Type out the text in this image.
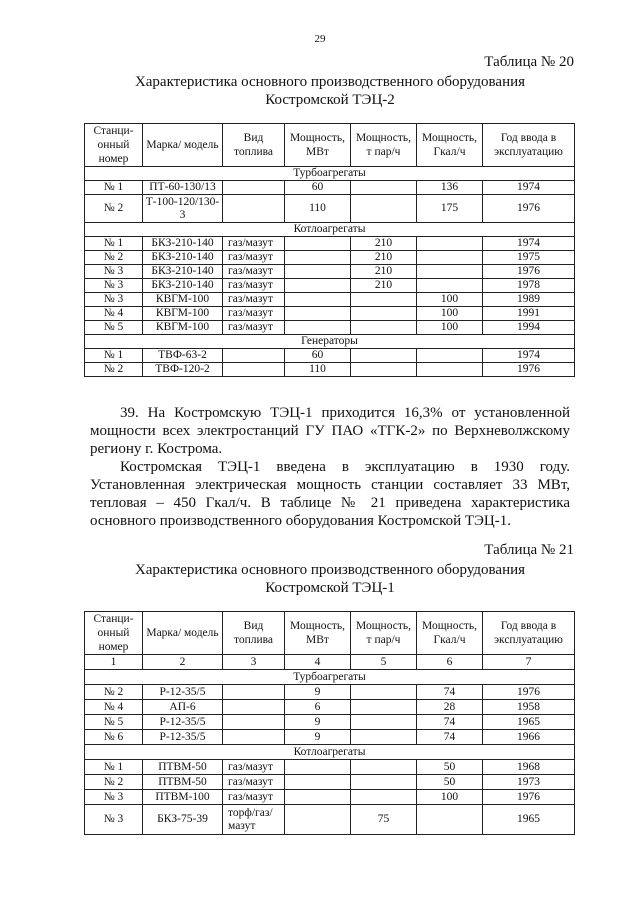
29
Таблица № 20
Характеристика основного производственного оборудования
Костромской ТЭЦ-2
Станци-онный номер	Марка/ модель	Вид топлива	Мощность, МВт	Мощность, т пар/ч	Мощность, Гкал/ч	Год ввода в эксплуатацию
Турбоагрегаты						
№ 1	ПТ-60-130/13		60		136	1974
№ 2	Т-100-120/130-3		110		175	1976
Котлоагрегаты						
№ 1	БКЗ-210-140	газ/мазут		210		1974
№ 2	БКЗ-210-140	газ/мазут		210		1975
№ 3	БКЗ-210-140	газ/мазут		210		1976
№ 3	БКЗ-210-140	газ/мазут		210		1978
№ 3	КВГМ-100	газ/мазут			100	1989
№ 4	КВГМ-100	газ/мазут			100	1991
№ 5	КВГМ-100	газ/мазут			100	1994
Генераторы						
№ 1	ТВФ-63-2		60			1974
№ 2	ТВФ-120-2		110			1976

39. На Костромскую ТЭЦ-1 приходится 16,3% от установленной мощности всех электростанций ГУ ПАО «ТГК-2» по Верхневолжскому региону г. Кострома.

Костромская ТЭЦ-1 введена в эксплуатацию в 1930 году. Установленная электрическая мощность станции составляет 33 МВт, тепловая – 450 Гкал/ч. В таблице № 21 приведена характеристика основного производственного оборудования Костромской ТЭЦ-1.

Таблица № 21
Характеристика основного производственного оборудования
Костромской ТЭЦ-1
Станци-онный номер	Марка/ модель	Вид топлива	Мощность, МВт	Мощность, т пар/ч	Мощность, Гкал/ч	Год ввода в эксплуатацию
1	2	3	4	5	6	7
Турбоагрегаты						
№ 2	Р-12-35/5		9		74	1976
№ 4	АП-6		6		28	1958
№ 5	Р-12-35/5		9		74	1965
№ 6	Р-12-35/5		9		74	1966
Котлоагрегаты						
№ 1	ПТВМ-50	газ/мазут			50	1968
№ 2	ПТВМ-50	газ/мазут			50	1973
№ 3	ПТВМ-100	газ/мазут			100	1976
№ 3	БКЗ-75-39	торф/газ/ мазут		75		1965
